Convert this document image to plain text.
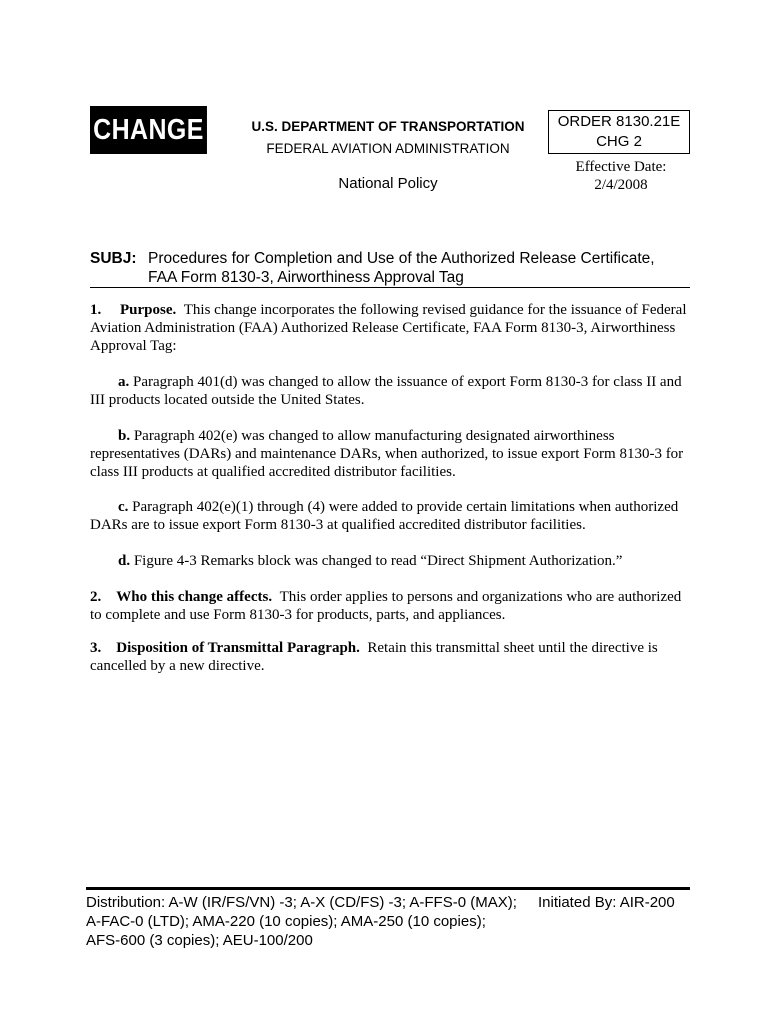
CHANGE	U.S. DEPARTMENT OF TRANSPORTATION
FEDERAL AVIATION ADMINISTRATION
National Policy
ORDER 8130.21E
CHG 2
Effective Date:
2/4/2008
SUBJ: Procedures for Completion and Use of the Authorized Release Certificate,
FAA Form 8130-3, Airworthiness Approval Tag
1. Purpose. This change incorporates the following revised guidance for the issuance of Federal Aviation Administration (FAA) Authorized Release Certificate, FAA Form 8130-3, Airworthiness Approval Tag:
a. Paragraph 401(d) was changed to allow the issuance of export Form 8130-3 for class II and III products located outside the United States.
b. Paragraph 402(e) was changed to allow manufacturing designated airworthiness representatives (DARs) and maintenance DARs, when authorized, to issue export Form 8130-3 for class III products at qualified accredited distributor facilities.
c. Paragraph 402(e)(1) through (4) were added to provide certain limitations when authorized DARs are to issue export Form 8130-3 at qualified accredited distributor facilities.
d. Figure 4-3 Remarks block was changed to read “Direct Shipment Authorization.”
2. Who this change affects. This order applies to persons and organizations who are authorized to complete and use Form 8130-3 for products, parts, and appliances.
3. Disposition of Transmittal Paragraph. Retain this transmittal sheet until the directive is cancelled by a new directive.
Distribution: A-W (IR/FS/VN) -3; A-X (CD/FS) -3; A-FFS-0 (MAX);	Initiated By: AIR-200
A-FAC-0 (LTD); AMA-220 (10 copies); AMA-250 (10 copies);
AFS-600 (3 copies); AEU-100/200
